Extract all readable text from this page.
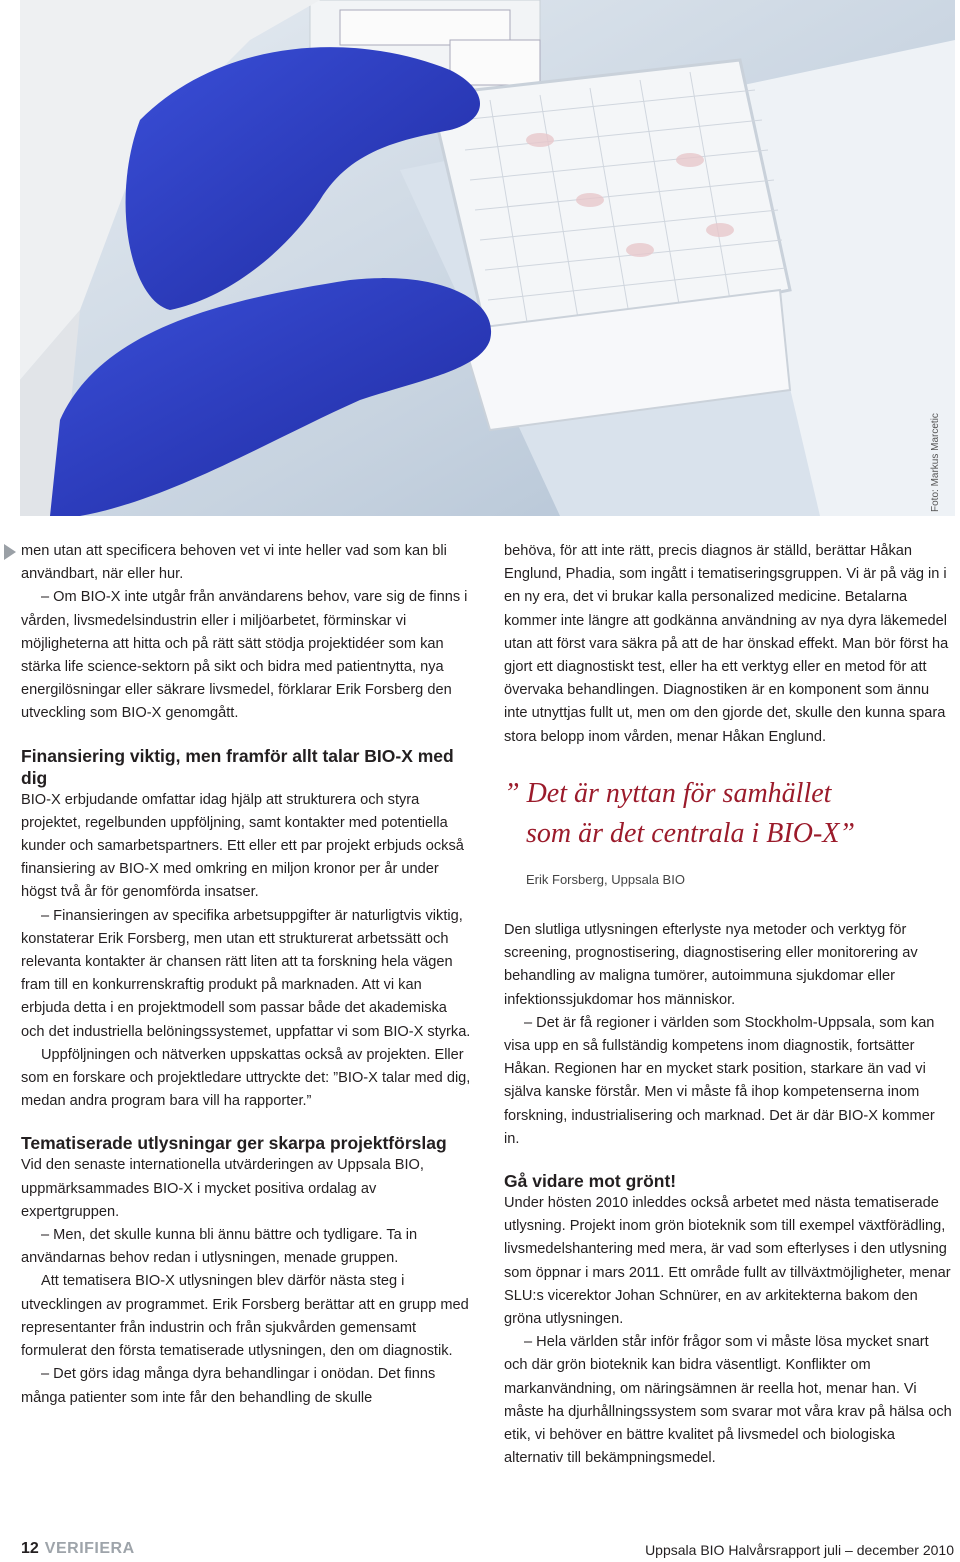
Foto: Markus Marcetic

men utan att specificera behoven vet vi inte heller vad som kan bli användbart, när eller hur.

– Om BIO-X inte utgår från användarens behov, vare sig de finns i vården, livsmedelsindustrin eller i miljöarbetet, förminskar vi möjligheterna att hitta och på rätt sätt stödja projektidéer som kan stärka life science-sektorn på sikt och bidra med patientnytta, nya energilösningar eller säkrare livsmedel, förklarar Erik Forsberg den utveckling som BIO-X genomgått.

Finansiering viktig, men framför allt talar BIO-X med dig

BIO-X erbjudande omfattar idag hjälp att strukturera och styra projektet, regelbunden uppföljning, samt kontakter med potentiella kunder och samarbetspartners. Ett eller ett par projekt erbjuds också finansiering av BIO-X med omkring en miljon kronor per år under högst två år för genomförda insatser.

– Finansieringen av specifika arbetsuppgifter är naturligtvis viktig, konstaterar Erik Forsberg, men utan ett strukturerat arbetssätt och relevanta kontakter är chansen rätt liten att ta forskning hela vägen fram till en konkurrenskraftig produkt på marknaden. Att vi kan erbjuda detta i en projektmodell som passar både det akademiska och det industriella belöningssystemet, uppfattar vi som BIO-X styrka.

Uppföljningen och nätverken uppskattas också av projekten. Eller som en forskare och projektledare uttryckte det: ”BIO-X talar med dig, medan andra program bara vill ha rapporter.”

Tematiserade utlysningar ger skarpa projektförslag

Vid den senaste internationella utvärderingen av Uppsala BIO, uppmärksammades BIO-X i mycket positiva ordalag av expertgruppen.

– Men, det skulle kunna bli ännu bättre och tydligare. Ta in användarnas behov redan i utlysningen, menade gruppen.

Att tematisera BIO-X utlysningen blev därför nästa steg i utvecklingen av programmet. Erik Forsberg berättar att en grupp med representanter från industrin och från sjukvården gemensamt formulerat den första tematiserade utlysningen, den om diagnostik.

– Det görs idag många dyra behandlingar i onödan. Det finns många patienter som inte får den behandling de skulle

behöva, för att inte rätt, precis diagnos är ställd, berättar Håkan Englund, Phadia, som ingått i tematiseringsgruppen. Vi är på väg in i en ny era, det vi brukar kalla personalized medicine. Betalarna kommer inte längre att godkänna användning av nya dyra läkemedel utan att först vara säkra på att de har önskad effekt. Man bör först ha gjort ett diagnostiskt test, eller ha ett verktyg eller en metod för att övervaka behandlingen. Diagnostiken är en komponent som ännu inte utnyttjas fullt ut, men om den gjorde det, skulle den kunna spara stora belopp inom vården, menar Håkan Englund.

” Det är nyttan för samhället
som är det centrala i BIO-X”
Erik Forsberg, Uppsala BIO

Den slutliga utlysningen efterlyste nya metoder och verktyg för screening, prognostisering, diagnostisering eller monitorering av behandling av maligna tumörer, autoimmuna sjukdomar eller infektionssjukdomar hos människor.

– Det är få regioner i världen som Stockholm-Uppsala, som kan visa upp en så fullständig kompetens inom diagnostik, fortsätter Håkan. Regionen har en mycket stark position, starkare än vad vi själva kanske förstår. Men vi måste få ihop kompetenserna inom forskning, industrialisering och marknad. Det är där BIO-X kommer in.

Gå vidare mot grönt!

Under hösten 2010 inleddes också arbetet med nästa tematiserade utlysning. Projekt inom grön bioteknik som till exempel växtförädling, livsmedelshantering med mera, är vad som efterlyses i den utlysning som öppnar i mars 2011. Ett område fullt av tillväxtmöjligheter, menar SLU:s vicerektor Johan Schnürer, en av arkitekterna bakom den gröna utlysningen.

– Hela världen står inför frågor som vi måste lösa mycket snart och där grön bioteknik kan bidra väsentligt. Konflikter om markanvändning, om näringsämnen är reella hot, menar han. Vi måste ha djurhållningssystem som svarar mot våra krav på hälsa och etik, vi behöver en bättre kvalitet på livsmedel och biologiska alternativ till bekämpningsmedel.

12 VERIFIERA	Uppsala BIO Halvårsrapport juli – december 2010
